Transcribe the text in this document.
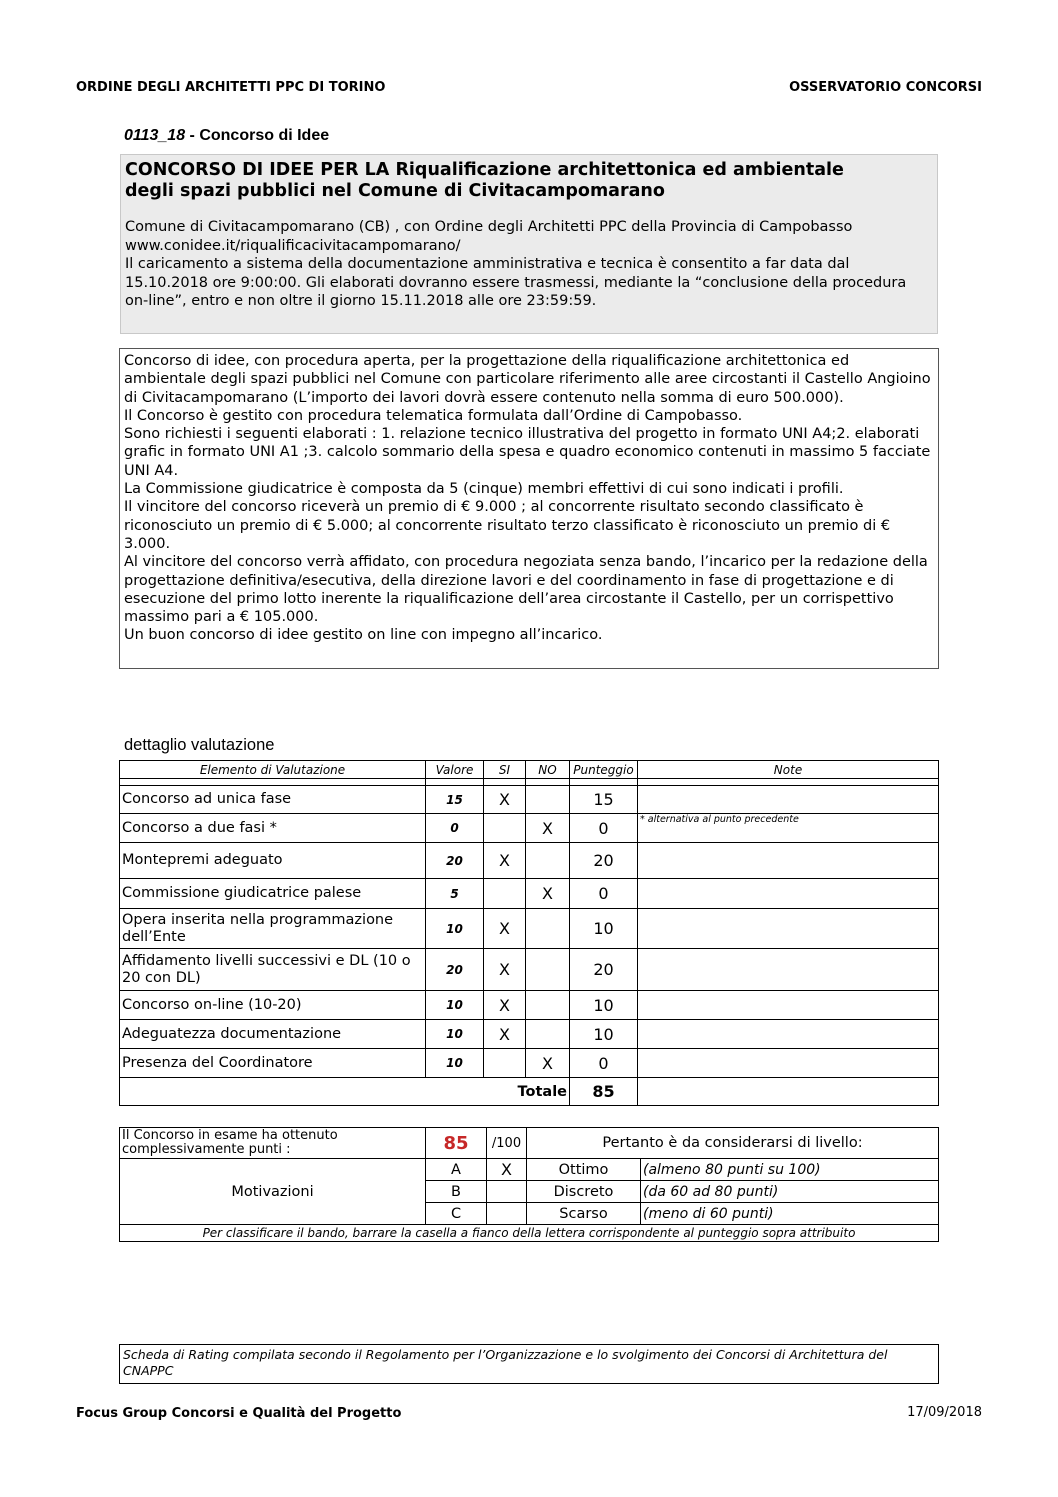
ORDINE DEGLI ARCHITETTI PPC DI TORINO	OSSERVATORIO CONCORSI
0113_18 - Concorso di Idee
CONCORSO DI IDEE PER LA Riqualificazione architettonica ed ambientale
degli spazi pubblici nel Comune di Civitacampomarano
Comune di Civitacampomarano (CB) , con Ordine degli Architetti PPC della Provincia di Campobasso
www.conidee.it/riqualificacivitacampomarano/
Il caricamento a sistema della documentazione amministrativa e tecnica è consentito a far data dal 15.10.2018 ore 9:00:00. Gli elaborati dovranno essere trasmessi, mediante la “conclusione della procedura on-line”, entro e non oltre il giorno 15.11.2018 alle ore 23:59:59.
Concorso di idee, con procedura aperta, per la progettazione della riqualificazione architettonica ed ambientale degli spazi pubblici nel Comune con particolare riferimento alle aree circostanti il Castello Angioino di Civitacampomarano (L’importo dei lavori dovrà essere contenuto nella somma di euro 500.000).
Il Concorso è gestito con procedura telematica formulata dall’Ordine di Campobasso.
Sono richiesti i seguenti elaborati : 1. relazione tecnico illustrativa del progetto in formato UNI A4;2. elaborati grafic in formato UNI A1 ;3. calcolo sommario della spesa e quadro economico contenuti in massimo 5 facciate UNI A4.
La Commissione giudicatrice è composta da 5 (cinque) membri effettivi di cui sono indicati i profili.
Il vincitore del concorso riceverà un premio di € 9.000 ; al concorrente risultato secondo classificato è riconosciuto un premio di € 5.000; al concorrente risultato terzo classificato è riconosciuto un premio di € 3.000.
Al vincitore del concorso verrà affidato, con procedura negoziata senza bando, l’incarico per la redazione della progettazione definitiva/esecutiva, della direzione lavori e del coordinamento in fase di progettazione e di esecuzione del primo lotto inerente la riqualificazione dell’area circostante il Castello, per un corrispettivo massimo pari a € 105.000.
Un buon concorso di idee gestito on line con impegno all’incarico.
dettaglio valutazione
Elemento di Valutazione	Valore	SI	NO	Punteggio	Note

Concorso ad unica fase	15	X		15	
Concorso a due fasi *	0		X	0	* alternativa al punto precedente
Montepremi adeguato	20	X		20	
Commissione giudicatrice palese	5		X	0	
Opera inserita nella programmazione dell’Ente	10	X		10	
Affidamento livelli successivi e DL (10 o 20 con DL)	20	X		20	
Concorso on-line (10-20)	10	X		10	
Adeguatezza documentazione	10	X		10	
Presenza del Coordinatore	10		X	0	
	Totale			85	
Il Concorso in esame ha ottenuto complessivamente punti :	85	/100	Pertanto è da considerarsi di livello:	
Motivazioni	A	X	Ottimo	(almeno 80 punti su 100)
	B		Discreto	(da 60 ad 80 punti)
	C		Scarso	(meno di 60 punti)
Per classificare il bando, barrare la casella a fianco della lettera corrispondente al punteggio sopra attribuito				
Scheda di Rating compilata secondo il Regolamento per l’Organizzazione e lo svolgimento dei Concorsi di Architettura del CNAPPC
Focus Group Concorsi e Qualità del Progetto	17/09/2018
